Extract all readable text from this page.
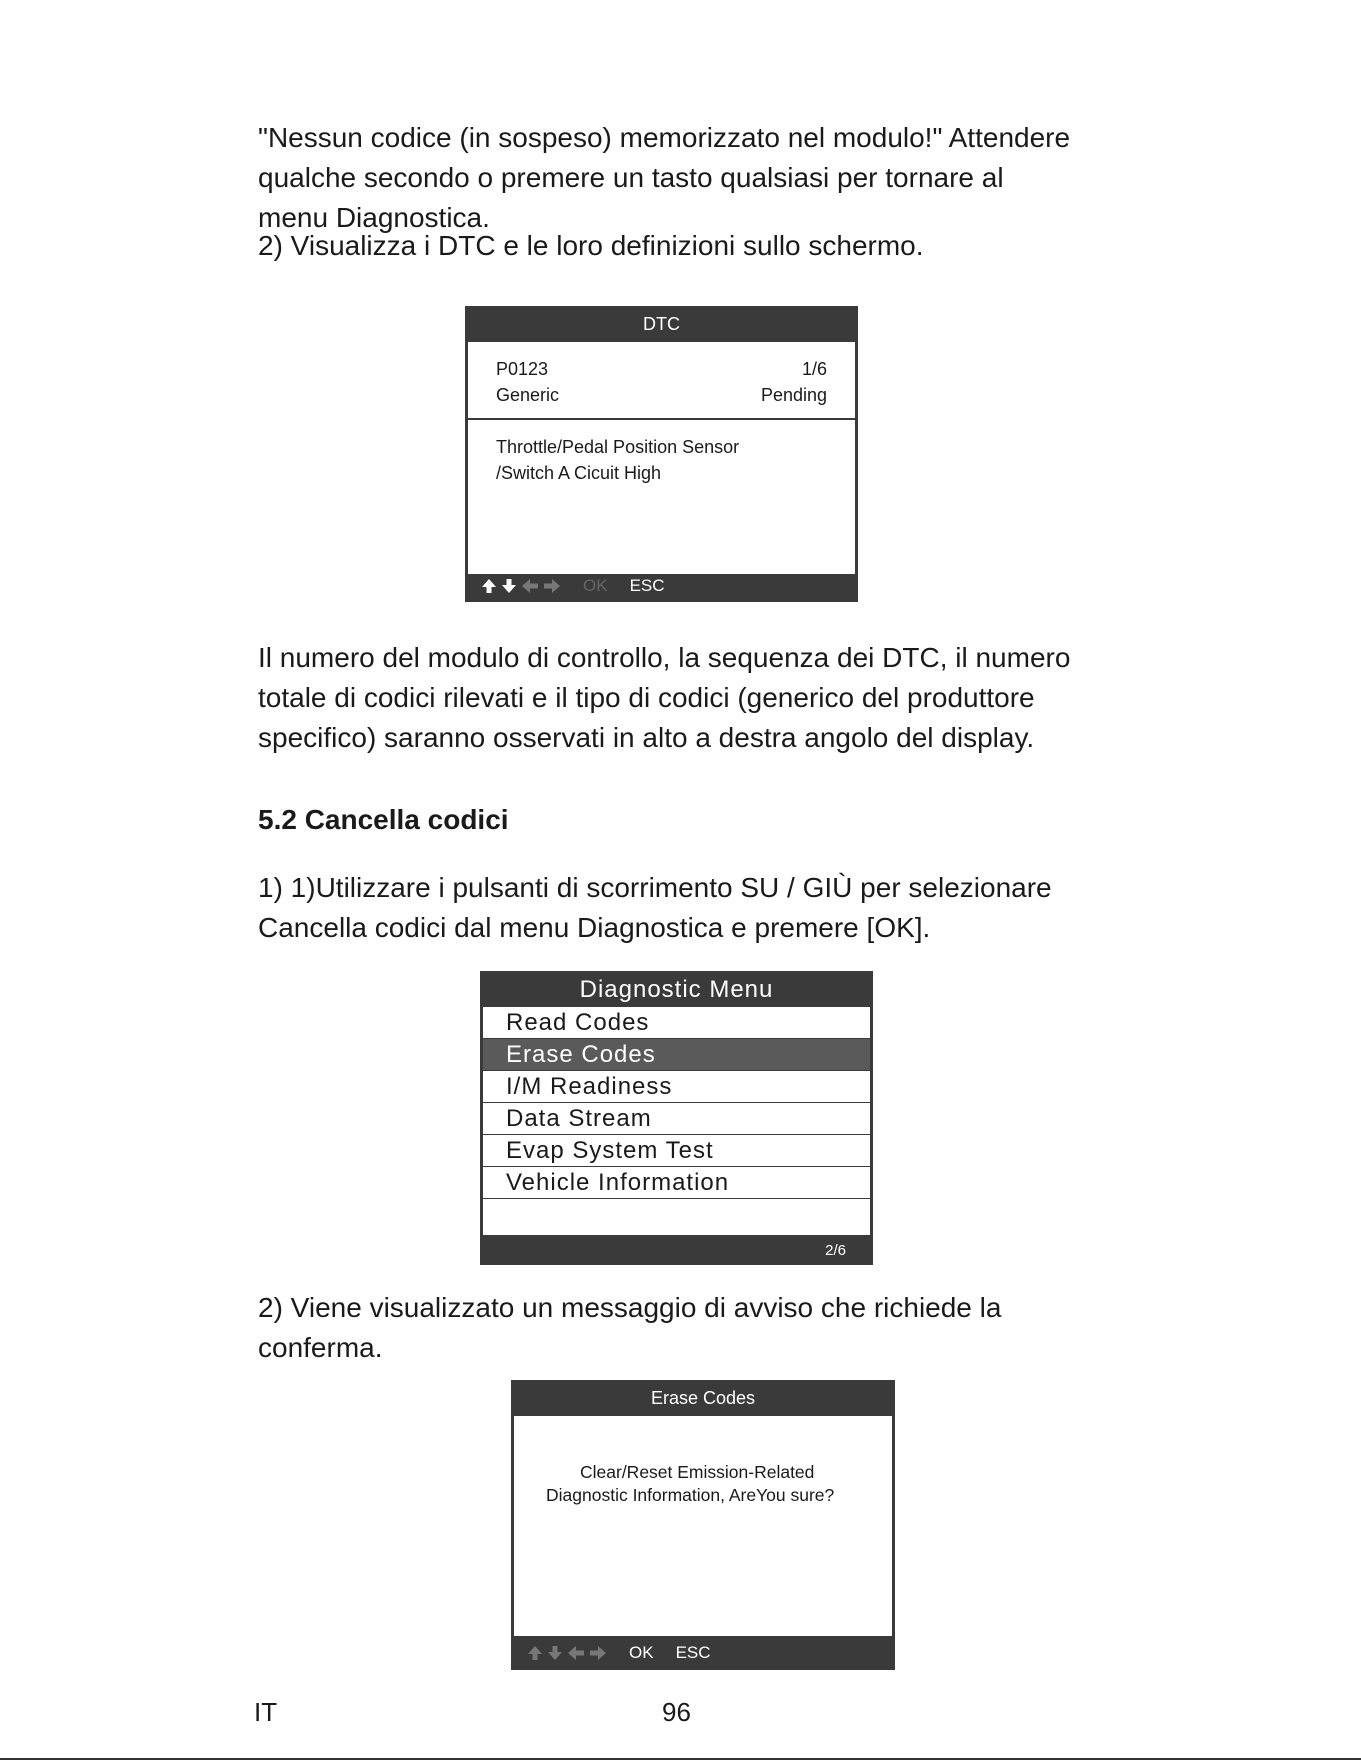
"Nessun codice (in sospeso) memorizzato nel modulo!" Attendere
qualche secondo o premere un tasto qualsiasi per tornare al
menu Diagnostica.

2) Visualizza i DTC e le loro definizioni sullo schermo.

DTC
P0123	1/6
Generic	Pending
Throttle/Pedal Position Sensor
/Switch A Cicuit High
OK ESC

Il numero del modulo di controllo, la sequenza dei DTC, il numero
totale di codici rilevati e il tipo di codici (generico del produttore
specifico) saranno osservati in alto a destra angolo del display.

5.2 Cancella codici

1) 1)Utilizzare i pulsanti di scorrimento SU / GIÙ per selezionare
Cancella codici dal menu Diagnostica e premere [OK].

Diagnostic Menu
Read Codes
Erase Codes
I/M Readiness
Data Stream
Evap System Test
Vehicle Information
2/6

2) Viene visualizzato un messaggio di avviso che richiede la
conferma.

Erase Codes
Clear/Reset Emission-Related Diagnostic Information, AreYou sure?
OK ESC
IT	96
